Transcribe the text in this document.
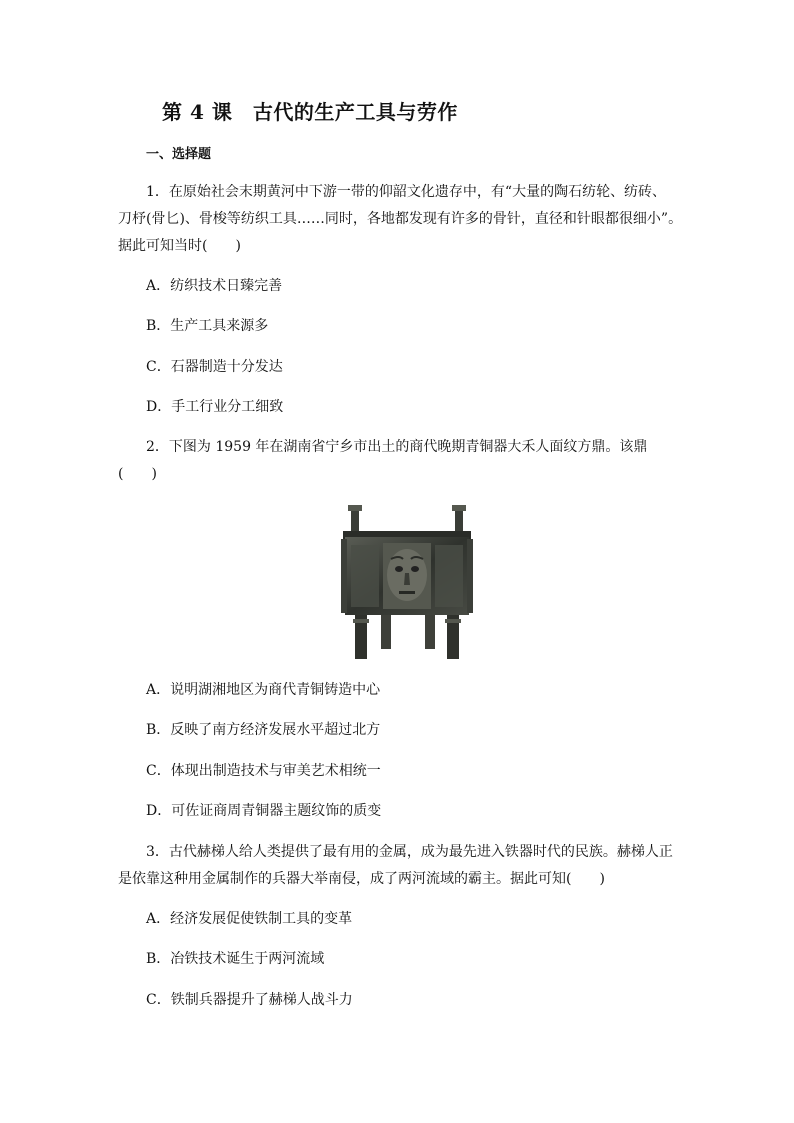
第 4 课　古代的生产工具与劳作
一、选择题
1．在原始社会末期黄河中下游一带的仰韶文化遗存中，有“大量的陶石纺轮、纺砖、
刀杼(骨匕)、骨梭等纺织工具……同时，各地都发现有许多的骨针，直径和针眼都很细小”。
据此可知当时(　　)
A．纺织技术日臻完善
B．生产工具来源多
C．石器制造十分发达
D．手工行业分工细致
2．下图为 1959 年在湖南省宁乡市出土的商代晚期青铜器大禾人面纹方鼎。该鼎
(　　)
A．说明湖湘地区为商代青铜铸造中心
B．反映了南方经济发展水平超过北方
C．体现出制造技术与审美艺术相统一
D．可佐证商周青铜器主题纹饰的质变
3．古代赫梯人给人类提供了最有用的金属，成为最先进入铁器时代的民族。赫梯人正
是依靠这种用金属制作的兵器大举南侵，成了两河流域的霸主。据此可知(　　)
A．经济发展促使铁制工具的变革
B．冶铁技术诞生于两河流域
C．铁制兵器提升了赫梯人战斗力
